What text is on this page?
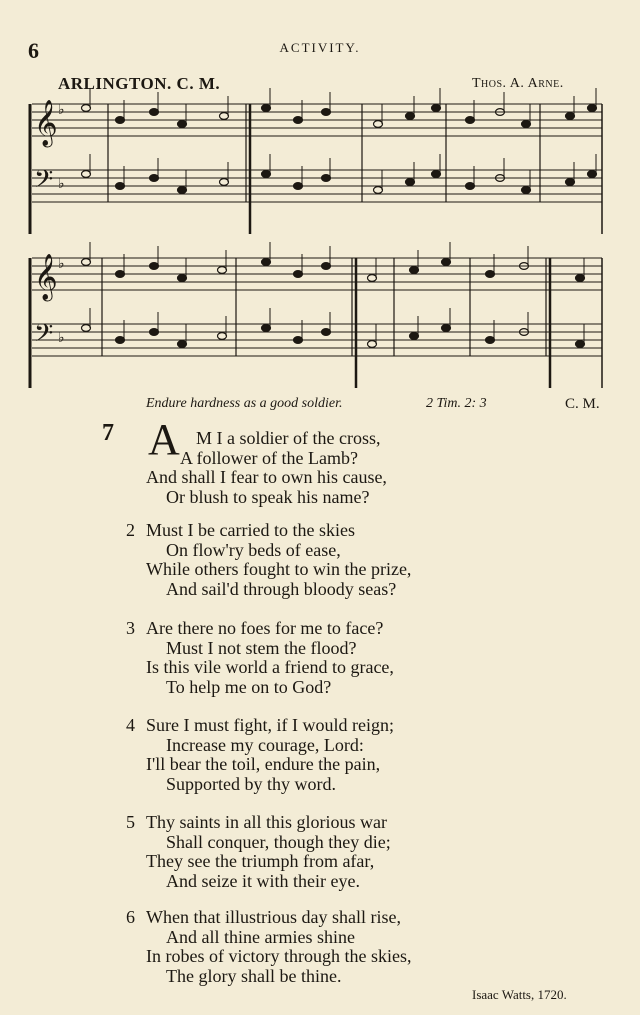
6	ACTIVITY.
ARLINGTON. C. M.	Thos. A. Arne.
𝄞 ♭
𝄢 ♭
𝄞 ♭
𝄢 ♭
Endure hardness as a good soldier.	2 Tim. 2: 3	C. M.
7 A M I a soldier of the cross,
A follower of the Lamb?
And shall I fear to own his cause,
Or blush to speak his name?
2 Must I be carried to the skies
On flow'ry beds of ease,
While others fought to win the prize,
And sail'd through bloody seas?
3 Are there no foes for me to face?
Must I not stem the flood?
Is this vile world a friend to grace,
To help me on to God?
4 Sure I must fight, if I would reign;
Increase my courage, Lord:
I'll bear the toil, endure the pain,
Supported by thy word.
5 Thy saints in all this glorious war
Shall conquer, though they die;
They see the triumph from afar,
And seize it with their eye.
6 When that illustrious day shall rise,
And all thine armies shine
In robes of victory through the skies,
The glory shall be thine.
Isaac Watts, 1720.
